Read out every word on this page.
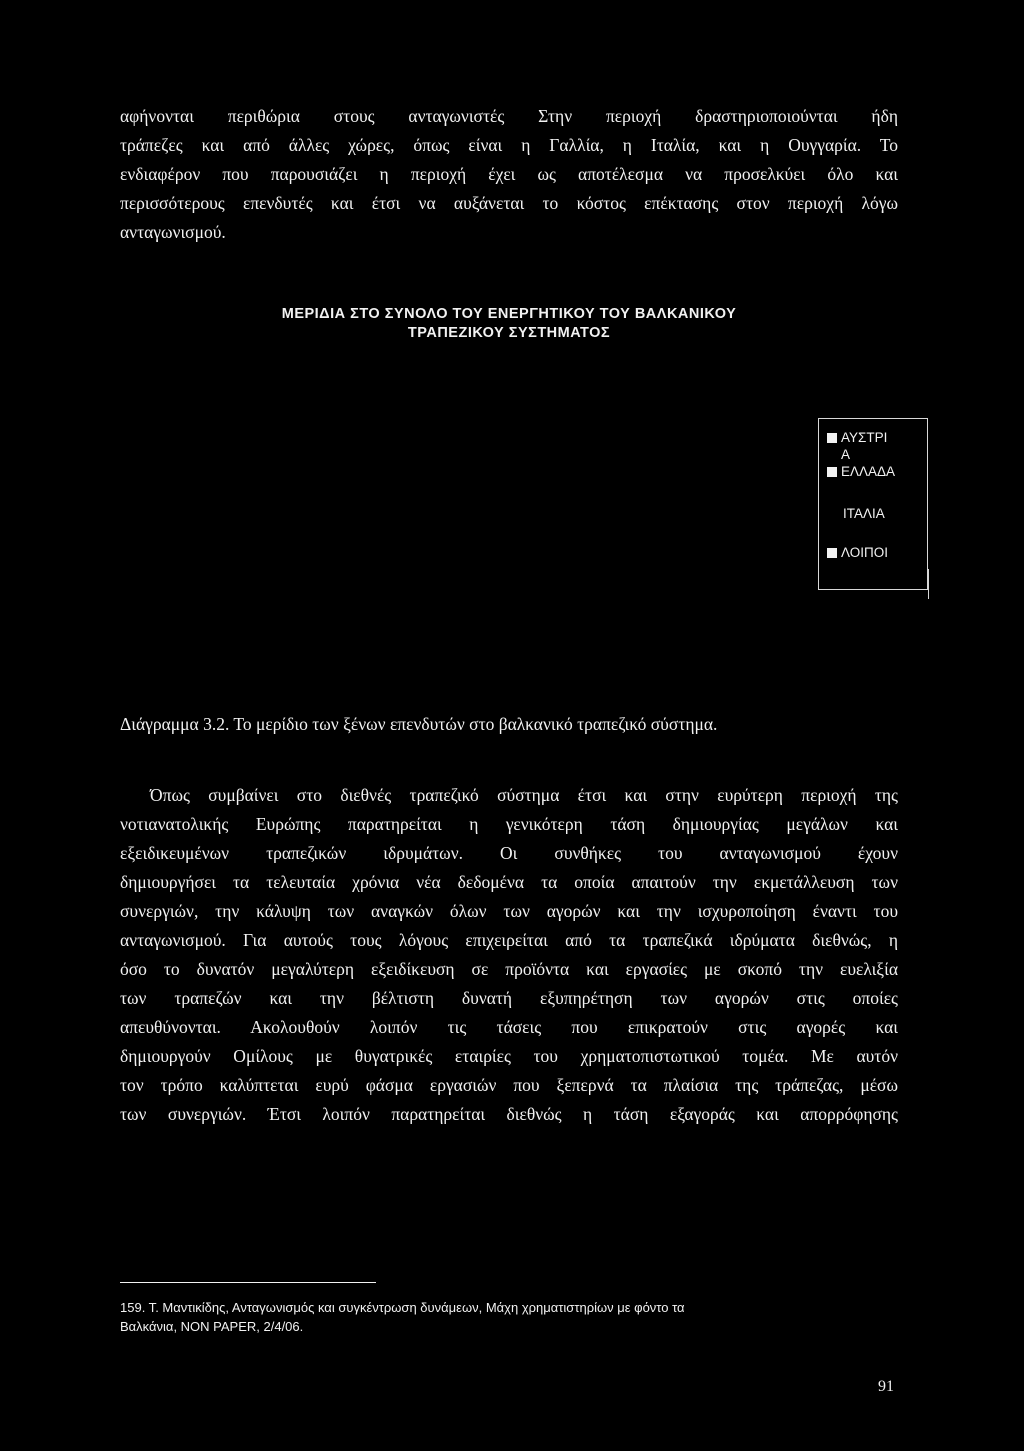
αφήνονται περιθώρια στους ανταγωνιστές Στην περιοχή δραστηριοποιούνται ήδη
τράπεζες και από άλλες χώρες, όπως είναι η Γαλλία, η Ιταλία, και η Ουγγαρία. Το
ενδιαφέρον που παρουσιάζει η περιοχή έχει ως αποτέλεσμα να προσελκύει όλο και
περισσότερους επενδυτές και έτσι να αυξάνεται το κόστος επέκτασης στον περιοχή λόγω
ανταγωνισμού.
ΜΕΡΙΔΙΑ ΣΤΟ ΣΥΝΟΛΟ ΤΟΥ ΕΝΕΡΓΗΤΙΚΟΥ ΤΟΥ ΒΑΛΚΑΝΙΚΟΥ
ΤΡΑΠΕΖΙΚΟΥ ΣΥΣΤΗΜΑΤΟΣ
ΑΥΣΤΡΙ
Α
ΕΛΛΑΔΑ
ΙΤΑΛΙΑ
ΛΟΙΠΟΙ
Διάγραμμα 3.2. Το μερίδιο των ξένων επενδυτών στο βαλκανικό τραπεζικό σύστημα.
Όπως συμβαίνει στο διεθνές τραπεζικό σύστημα έτσι και στην ευρύτερη περιοχή της
νοτιανατολικής Ευρώπης παρατηρείται η γενικότερη τάση δημιουργίας μεγάλων και
εξειδικευμένων τραπεζικών ιδρυμάτων. Οι συνθήκες του ανταγωνισμού έχουν
δημιουργήσει τα τελευταία χρόνια νέα δεδομένα τα οποία απαιτούν την εκμετάλλευση των
συνεργιών, την κάλυψη των αναγκών όλων των αγορών και την ισχυροποίηση έναντι του
ανταγωνισμού. Για αυτούς τους λόγους επιχειρείται από τα τραπεζικά ιδρύματα διεθνώς, η
όσο το δυνατόν μεγαλύτερη εξειδίκευση σε προϊόντα και εργασίες με σκοπό την ευελιξία
των τραπεζών και την βέλτιστη δυνατή εξυπηρέτηση των αγορών στις οποίες
απευθύνονται. Ακολουθούν λοιπόν τις τάσεις που επικρατούν στις αγορές και
δημιουργούν Ομίλους με θυγατρικές εταιρίες του χρηματοπιστωτικού τομέα. Με αυτόν
τον τρόπο καλύπτεται ευρύ φάσμα εργασιών που ξεπερνά τα πλαίσια της τράπεζας, μέσω
των συνεργιών. Έτσι λοιπόν παρατηρείται διεθνώς η τάση εξαγοράς και απορρόφησης
159. Τ. Μαντικίδης, Ανταγωνισμός και συγκέντρωση δυνάμεων, Μάχη χρηματιστηρίων με φόντο τα
Βαλκάνια, NON PAPER, 2/4/06.
91
